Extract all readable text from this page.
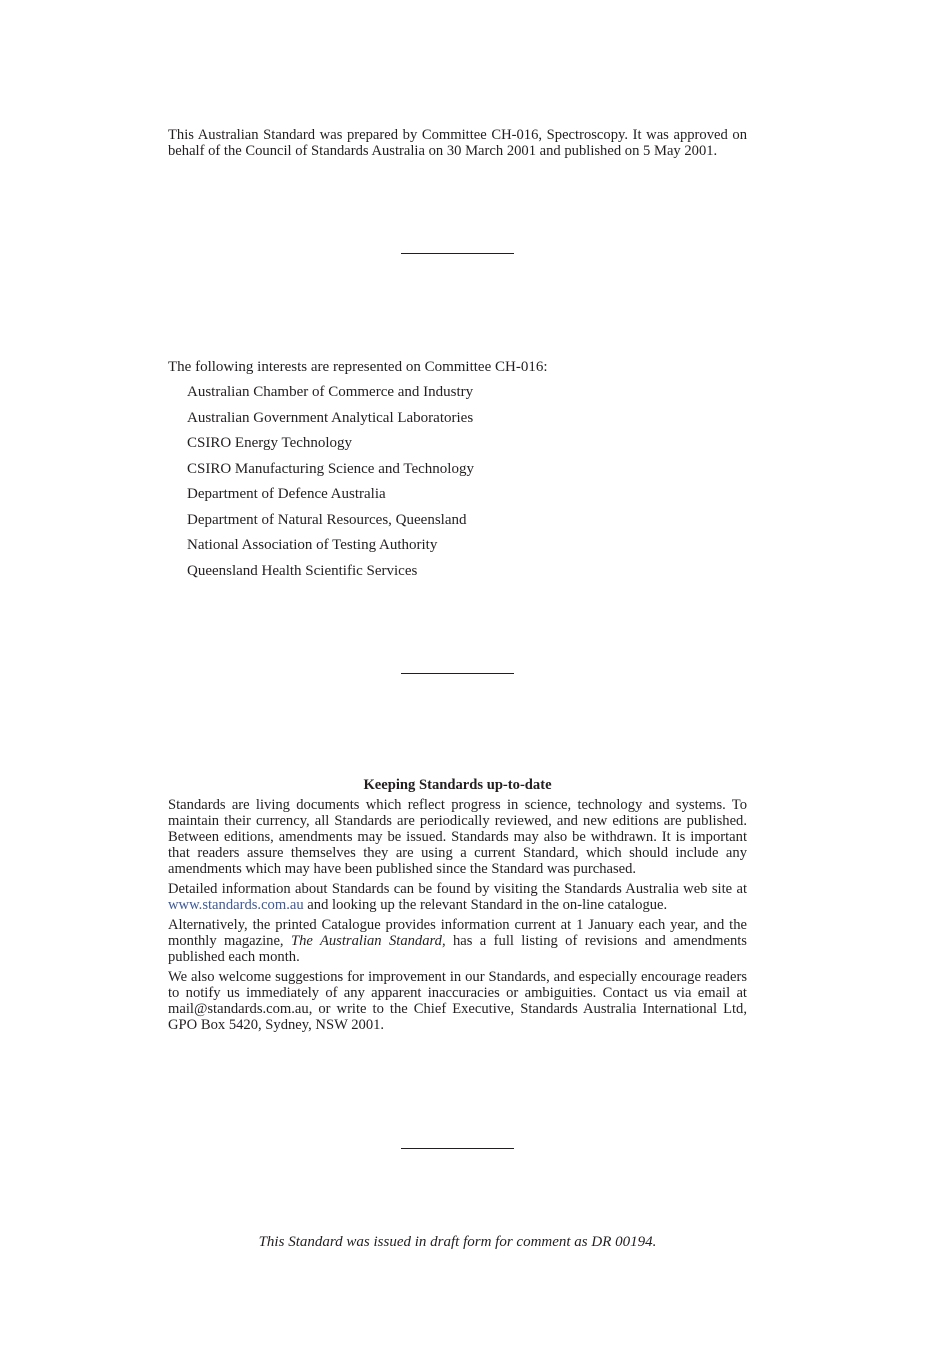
This Australian Standard was prepared by Committee CH-016, Spectroscopy. It was approved on behalf of the Council of Standards Australia on 30 March 2001 and published on 5 May 2001.

The following interests are represented on Committee CH-016:
Australian Chamber of Commerce and Industry
Australian Government Analytical Laboratories
CSIRO Energy Technology
CSIRO Manufacturing Science and Technology
Department of Defence Australia
Department of Natural Resources, Queensland
National Association of Testing Authority
Queensland Health Scientific Services
Keeping Standards up-to-date

Standards are living documents which reflect progress in science, technology and systems. To maintain their currency, all Standards are periodically reviewed, and new editions are published. Between editions, amendments may be issued. Standards may also be withdrawn. It is important that readers assure themselves they are using a current Standard, which should include any amendments which may have been published since the Standard was purchased.

Detailed information about Standards can be found by visiting the Standards Australia web site at www.standards.com.au and looking up the relevant Standard in the on-line catalogue.

Alternatively, the printed Catalogue provides information current at 1 January each year, and the monthly magazine, The Australian Standard, has a full listing of revisions and amendments published each month.

We also welcome suggestions for improvement in our Standards, and especially encourage readers to notify us immediately of any apparent inaccuracies or ambiguities. Contact us via email at mail@standards.com.au, or write to the Chief Executive, Standards Australia International Ltd, GPO Box 5420, Sydney, NSW 2001.

This Standard was issued in draft form for comment as DR 00194.
